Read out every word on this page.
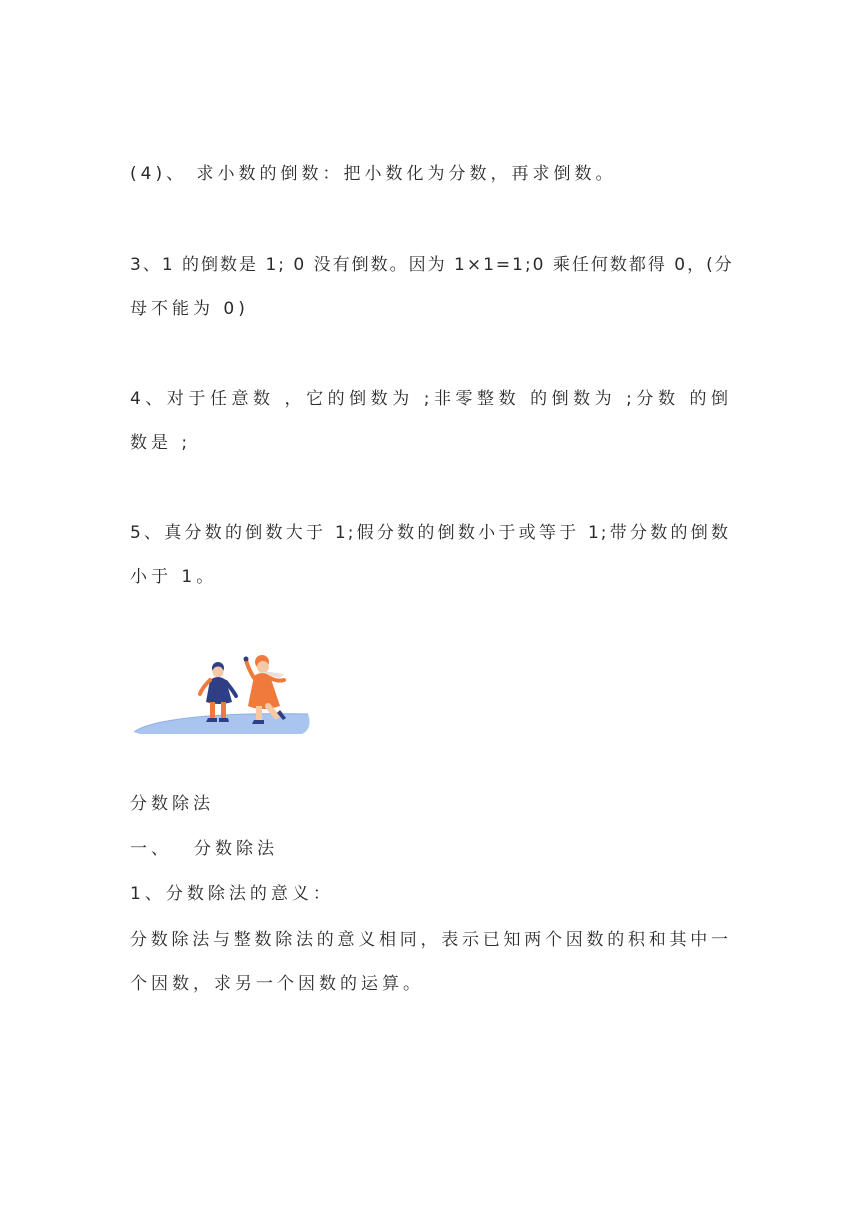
(4)、 求小数的倒数：把小数化为分数，再求倒数。
3、1 的倒数是 1; 0 没有倒数。因为 1×1=1;0 乘任何数都得 0，(分
母不能为 0)
4、对于任意数 ，它的倒数为 ;非零整数 的倒数为 ;分数 的倒
数是 ;
5、真分数的倒数大于 1;假分数的倒数小于或等于 1;带分数的倒数
小于 1。
分数除法
一、 分数除法
1、分数除法的意义：
分数除法与整数除法的意义相同，表示已知两个因数的积和其中一
个因数，求另一个因数的运算。
